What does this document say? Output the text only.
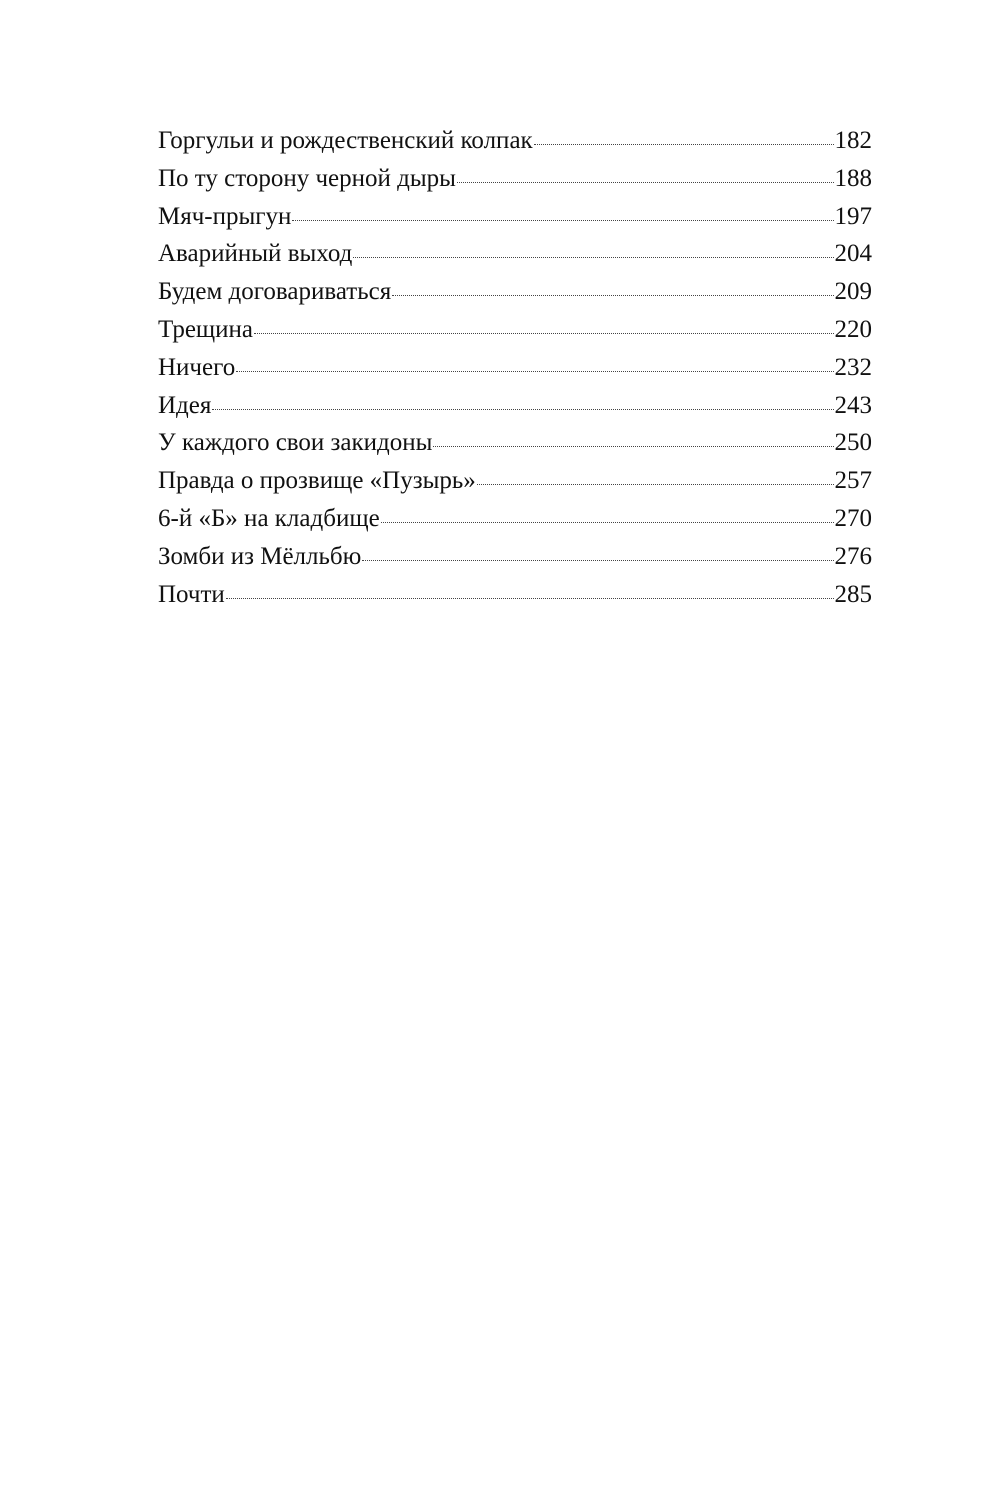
Горгульи и рождественский колпак	182
По ту сторону черной дыры	188
Мяч-прыгун	197
Аварийный выход	204
Будем договариваться	209
Трещина	220
Ничего	232
Идея	243
У каждого свои закидоны	250
Правда о прозвище «Пузырь»	257
6-й «Б» на кладбище	270
Зомби из Мёлльбю	276
Почти	285
